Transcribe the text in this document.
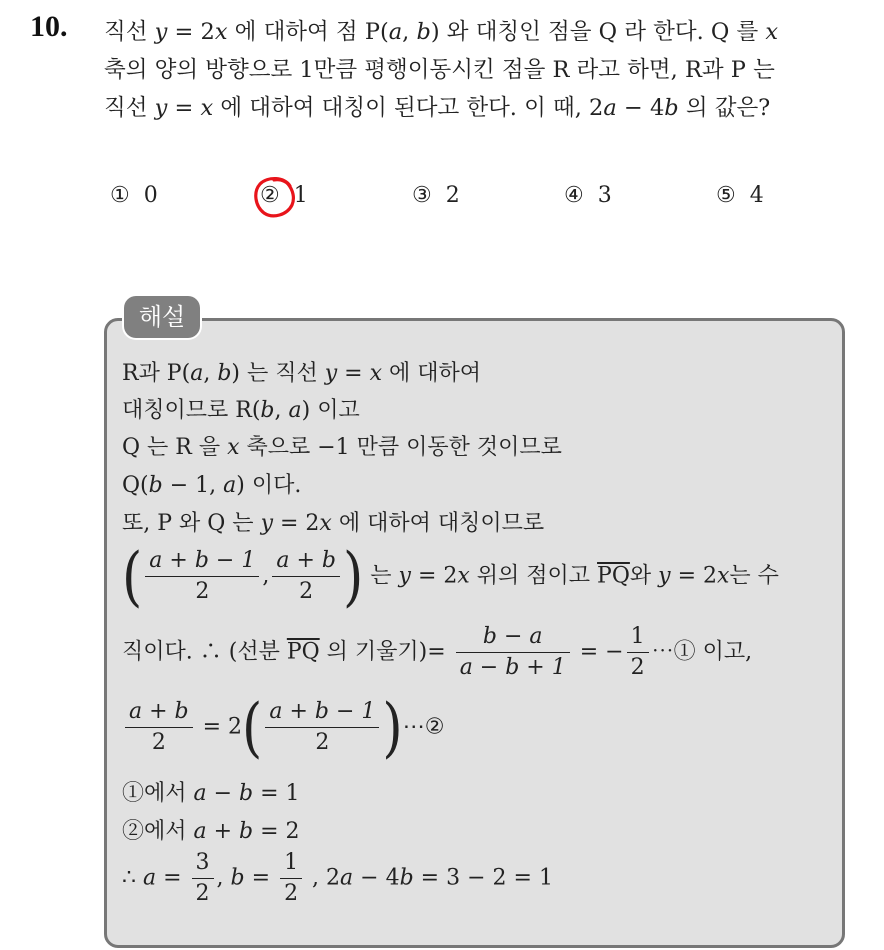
10. 직선 y = 2x 에 대하여 점 P(a, b) 와 대칭인 점을 Q 라 한다. Q 를 x
축의 양의 방향으로 1만큼 평행이동시킨 점을 R 라고 하면, R과 P 는
직선 y = x 에 대하여 대칭이 된다고 한다. 이 때, 2a − 4b 의 값은?
① 0	② 1	③ 2	④ 3	⑤ 4
해설
R과 P(a, b) 는 직선 y = x 에 대하여
대칭이므로 R(b, a) 이고
Q 는 R 을 x 축으로 −1 만큼 이동한 것이므로
Q(b − 1, a) 이다.
또, P 와 Q 는 y = 2x 에 대하여 대칭이므로
( $\frac{a + b - 1}{2}$ , $\frac{a + b}{2}$ ) 는 y = 2x 위의 점이고 $\overline{PQ}$와 y = 2x는 수
직이다. ∴ (선분 $\overline{PQ}$ 의 기울기)= $\frac{b - a}{a - b + 1}$ = − $\frac{1}{2}$ ⋯① 이고,
$\frac{a + b}{2} = 2( \frac{a + b - 1}{2}$ )⋯②
①에서 a − b = 1
②에서 a + b = 2
∴ $a = \frac{3}{2}$ , $b = \frac{1}{2}$ , 2a − 4b = 3 − 2 = 1
